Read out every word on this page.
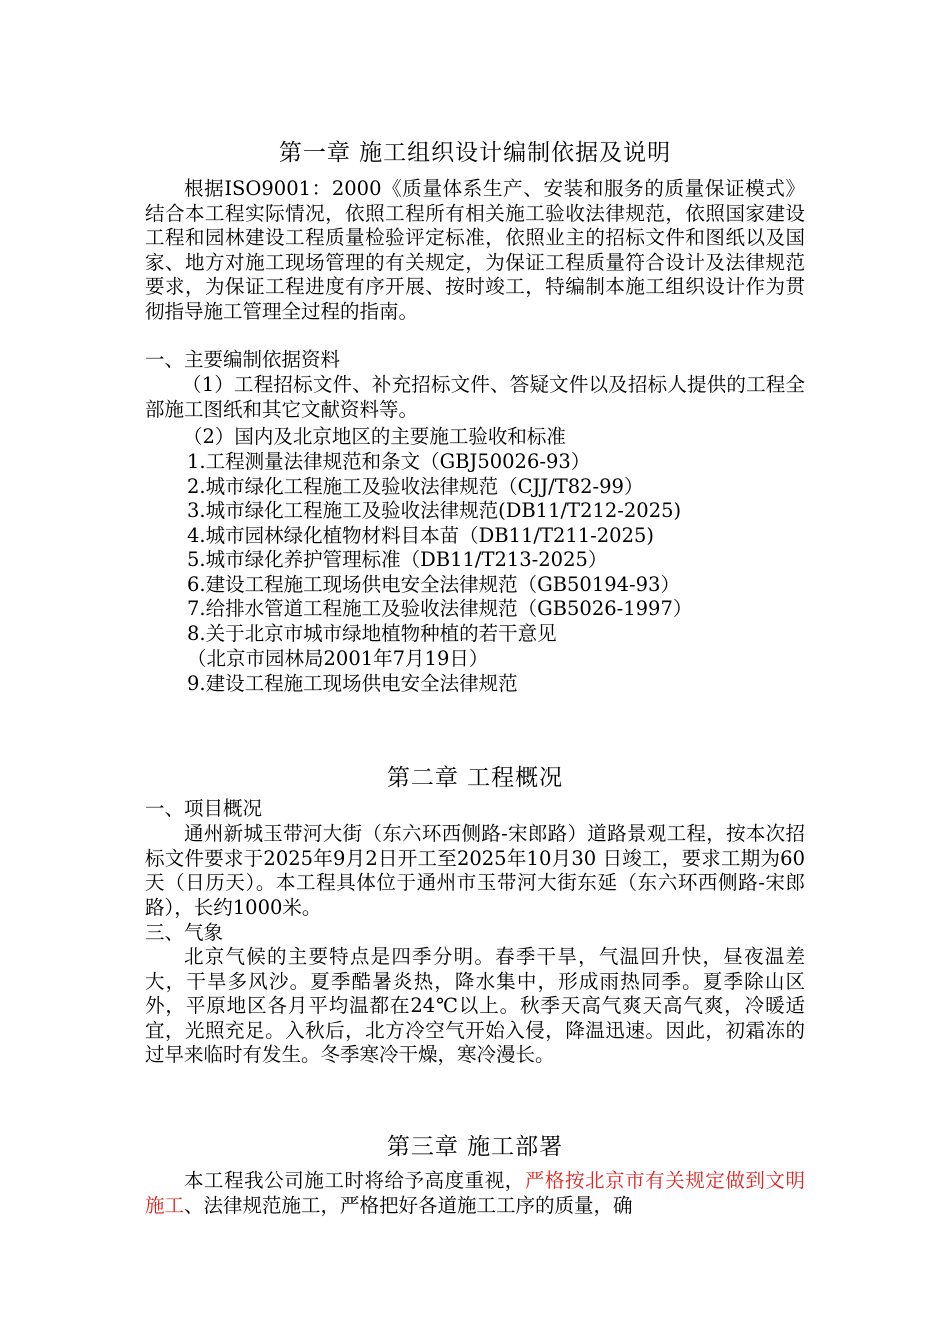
第一章 施工组织设计编制依据及说明

根据ISO9001：2000《质量体系生产、安装和服务的质量保证模式》结合本工程实际情况，依照工程所有相关施工验收法律规范，依照国家建设工程和园林建设工程质量检验评定标准，依照业主的招标文件和图纸以及国家、地方对施工现场管理的有关规定，为保证工程质量符合设计及法律规范要求，为保证工程进度有序开展、按时竣工，特编制本施工组织设计作为贯彻指导施工管理全过程的指南。

一、主要编制依据资料

（1）工程招标文件、补充招标文件、答疑文件以及招标人提供的工程全部施工图纸和其它文献资料等。

（2）国内及北京地区的主要施工验收和标准

1.工程测量法律规范和条文（GBJ50026-93）

2.城市绿化工程施工及验收法律规范（CJJ/T82-99）

3.城市绿化工程施工及验收法律规范(DB11/T212-2025)

4.城市园林绿化植物材料目本苗（DB11/T211-2025)

5.城市绿化养护管理标准（DB11/T213-2025）

6.建设工程施工现场供电安全法律规范（GB50194-93）

7.给排水管道工程施工及验收法律规范（GB5026-1997）

8.关于北京市城市绿地植物种植的若干意见

（北京市园林局2001年7月19日）

9.建设工程施工现场供电安全法律规范

第二章 工程概况

一、项目概况

通州新城玉带河大街（东六环西侧路-宋郎路）道路景观工程，按本次招标文件要求于2025年9月2日开工至2025年10月30 日竣工，要求工期为60天（日历天）。本工程具体位于通州市玉带河大街东延（东六环西侧路-宋郎路），长约1000米。

三、气象

北京气候的主要特点是四季分明。春季干旱，气温回升快，昼夜温差大，干旱多风沙。夏季酷暑炎热，降水集中，形成雨热同季。夏季除山区外，平原地区各月平均温都在24℃以上。秋季天高气爽天高气爽，冷暖适宜，光照充足。入秋后，北方冷空气开始入侵，降温迅速。因此，初霜冻的过早来临时有发生。冬季寒冷干燥，寒冷漫长。

第三章 施工部署

本工程我公司施工时将给予高度重视，严格按北京市有关规定做到文明施工、法律规范施工，严格把好各道施工工序的质量，确
